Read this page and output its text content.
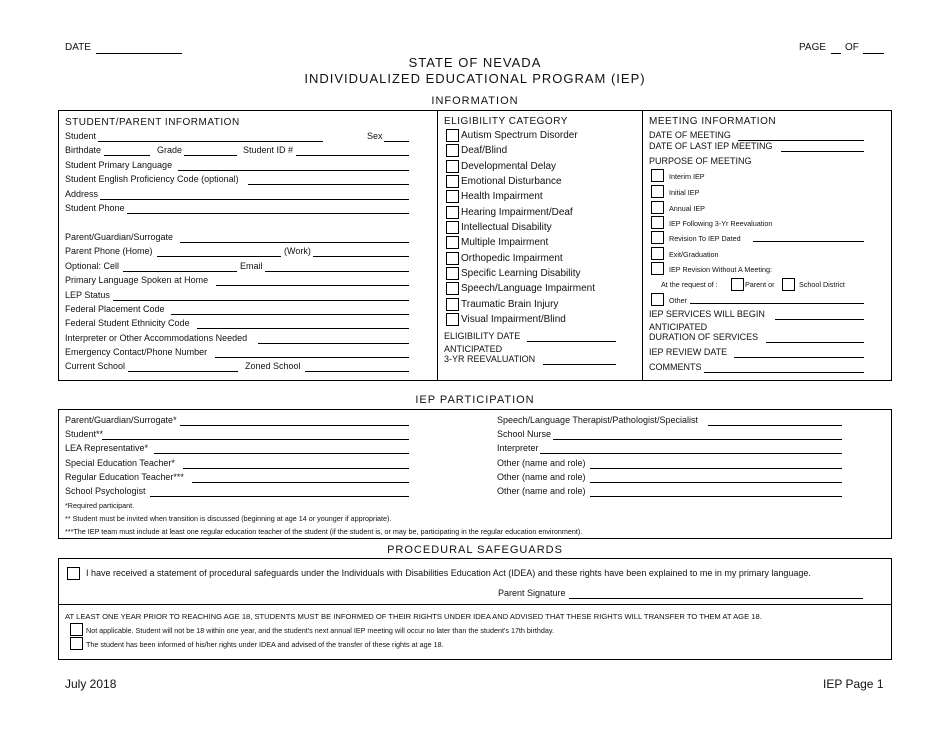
DATE	PAGE OF
STATE OF NEVADA
INDIVIDUALIZED EDUCATIONAL PROGRAM (IEP)
INFORMATION
STUDENT/PARENT INFORMATION
Student	Sex
Birthdate	Grade	Student ID #
Student Primary Language
Student English Proficiency Code (optional)
Address
Student Phone
Parent/Guardian/Surrogate
Parent Phone (Home)	(Work)
Optional: Cell	Email
Primary Language Spoken at Home
LEP Status
Federal Placement Code
Federal Student Ethnicity Code
Interpreter or Other Accommodations Needed
Emergency Contact/Phone Number
Current School	Zoned School
ELIGIBILITY CATEGORY
Autism Spectrum Disorder
Deaf/Blind
Developmental Delay
Emotional Disturbance
Health Impairment
Hearing Impairment/Deaf
Intellectual Disability
Multiple Impairment
Orthopedic Impairment
Specific Learning Disability
Speech/Language Impairment
Traumatic Brain Injury
Visual Impairment/Blind
ELIGIBILITY DATE
ANTICIPATED
3-YR REEVALUATION
MEETING INFORMATION
DATE OF MEETING
DATE OF LAST IEP MEETING
PURPOSE OF MEETING
Interim IEP
Initial IEP
Annual IEP
IEP Following 3-Yr Reevaluation
Revision To IEP Dated
Exit/Graduation
IEP Revision Without A Meeting:
At the request of :	Parent or	School District
Other
IEP SERVICES WILL BEGIN
ANTICIPATED
DURATION OF SERVICES
IEP REVIEW DATE
COMMENTS
IEP PARTICIPATION
Parent/Guardian/Surrogate*
Student**
LEA Representative*
Special Education Teacher*
Regular Education Teacher***
School Psychologist
Speech/Language Therapist/Pathologist/Specialist
School Nurse
Interpreter
Other (name and role)
Other (name and role)
Other (name and role)
*Required participant.
** Student must be invited when transition is discussed (beginning at age 14 or younger if appropriate).
***The IEP team must include at least one regular education teacher of the student (if the student is, or may be, participating in the regular education environment).
PROCEDURAL SAFEGUARDS
I have received a statement of procedural safeguards under the Individuals with Disabilities Education Act (IDEA) and these rights have been explained to me in my primary language.
Parent Signature
AT LEAST ONE YEAR PRIOR TO REACHING AGE 18, STUDENTS MUST BE INFORMED OF THEIR RIGHTS UNDER IDEA AND ADVISED THAT THESE RIGHTS WILL TRANSFER TO THEM AT AGE 18.
Not applicable. Student will not be 18 within one year, and the student's next annual IEP meeting will occur no later than the student's 17th birthday.
The student has been informed of his/her rights under IDEA and advised of the transfer of these rights at age 18.
July 2018	IEP Page 1
